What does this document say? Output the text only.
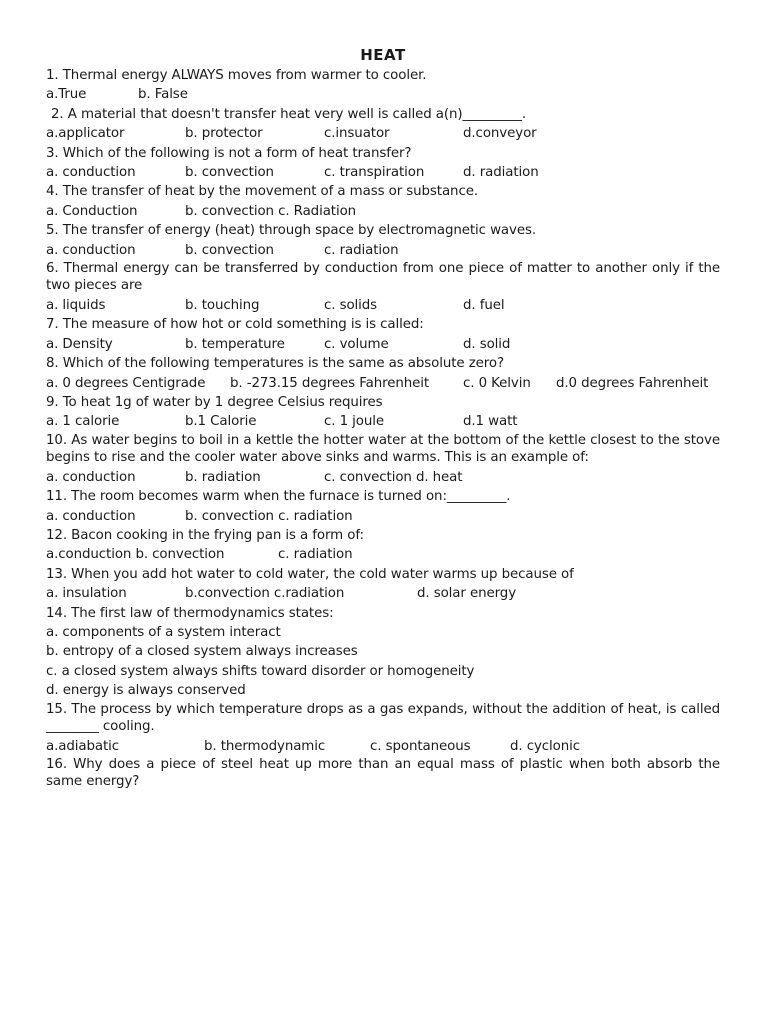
HEAT
1. Thermal energy ALWAYS moves from warmer to cooler.
a.True	b. False
2. A material that doesn't transfer heat very well is called a(n)_________.
a.applicator	b. protector	c.insuator	d.conveyor
3. Which of the following is not a form of heat transfer?
a. conduction	b. convection	c. transpiration	d. radiation
4. The transfer of heat by the movement of a mass or substance.
a. Conduction	b. convection c. Radiation
5. The transfer of energy (heat) through space by electromagnetic waves.
a. conduction	b. convection	c. radiation
6. Thermal energy can be transferred by conduction from one piece of matter to another only if the two pieces are
a. liquids	b. touching	c. solids	d. fuel
7. The measure of how hot or cold something is is called:
a. Density	b. temperature	c. volume	d. solid
8. Which of the following temperatures is the same as absolute zero?
a. 0 degrees Centigrade b. -273.15 degrees Fahrenheit	c. 0 Kelvin d.0 degrees Fahrenheit
9. To heat 1g of water by 1 degree Celsius requires
a. 1 calorie	b.1 Calorie	c. 1 joule	d.1 watt
10. As water begins to boil in a kettle the hotter water at the bottom of the kettle closest to the stove begins to rise and the cooler water above sinks and warms. This is an example of:
a. conduction	b. radiation	c. convection d. heat
11. The room becomes warm when the furnace is turned on:_________.
a. conduction	b. convection c. radiation
12. Bacon cooking in the frying pan is a form of:
a.conduction b. convection	c. radiation
13. When you add hot water to cold water, the cold water warms up because of
a. insulation	b.convection c.radiation	d. solar energy
14. The first law of thermodynamics states:
a. components of a system interact
b. entropy of a closed system always increases
c. a closed system always shifts toward disorder or homogeneity
d. energy is always conserved
15. The process by which temperature drops as a gas expands, without the addition of heat, is called ________ cooling.
a.adiabatic	b. thermodynamic	c. spontaneous	d. cyclonic
16. Why does a piece of steel heat up more than an equal mass of plastic when both absorb the same energy?
